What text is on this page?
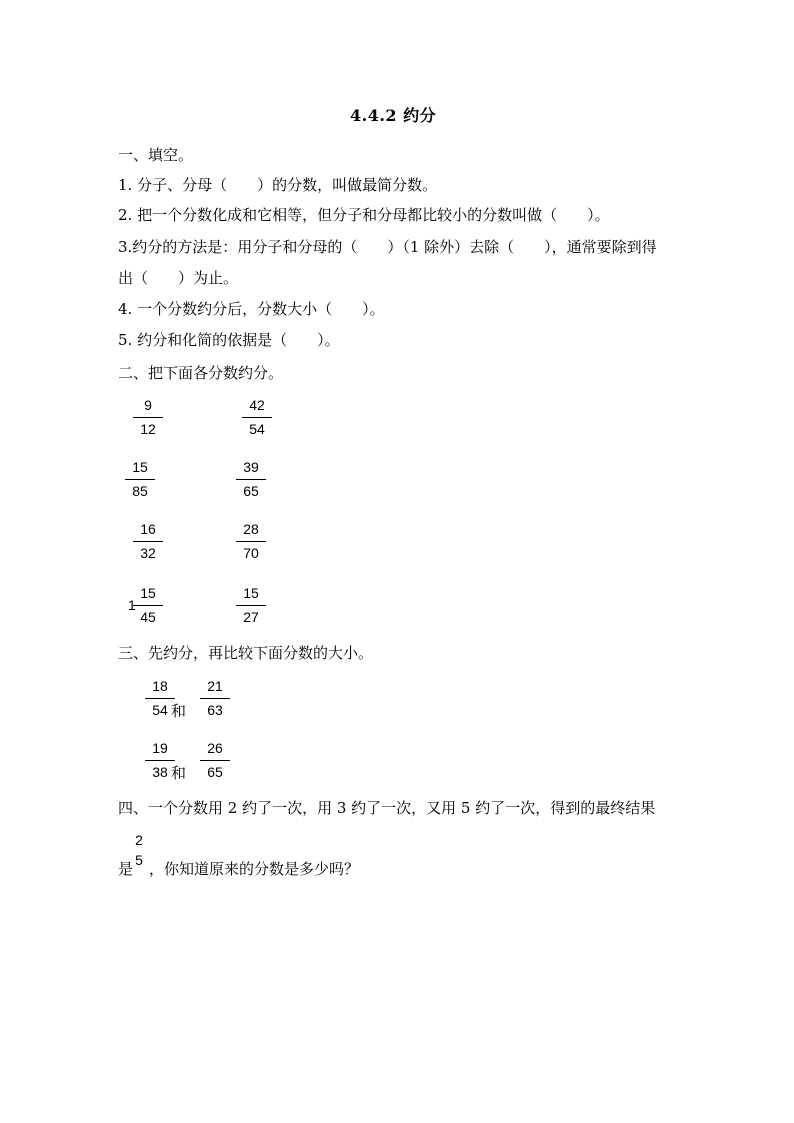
4.4.2 约分
一、填空。
1. 分子、分母（　　）的分数，叫做最简分数。
2. 把一个分数化成和它相等，但分子和分母都比较小的分数叫做（　　）。
3.约分的方法是：用分子和分母的（　　）（1 除外）去除（　　），通常要除到得
出（　　）为止。
4. 一个分数约分后，分数大小（　　）。
5. 约分和化简的依据是（　　）。
二、把下面各分数约分。
9
12
42
54
15
85
39
65
16
32
28
70
1
15
45
15
27
三、先约分，再比较下面分数的大小。
18
54 和
21
63
19
38 和
26
65
四、一个分数用 2 约了一次，用 3 约了一次，又用 5 约了一次，得到的最终结果
是
2
5 ，你知道原来的分数是多少吗？
